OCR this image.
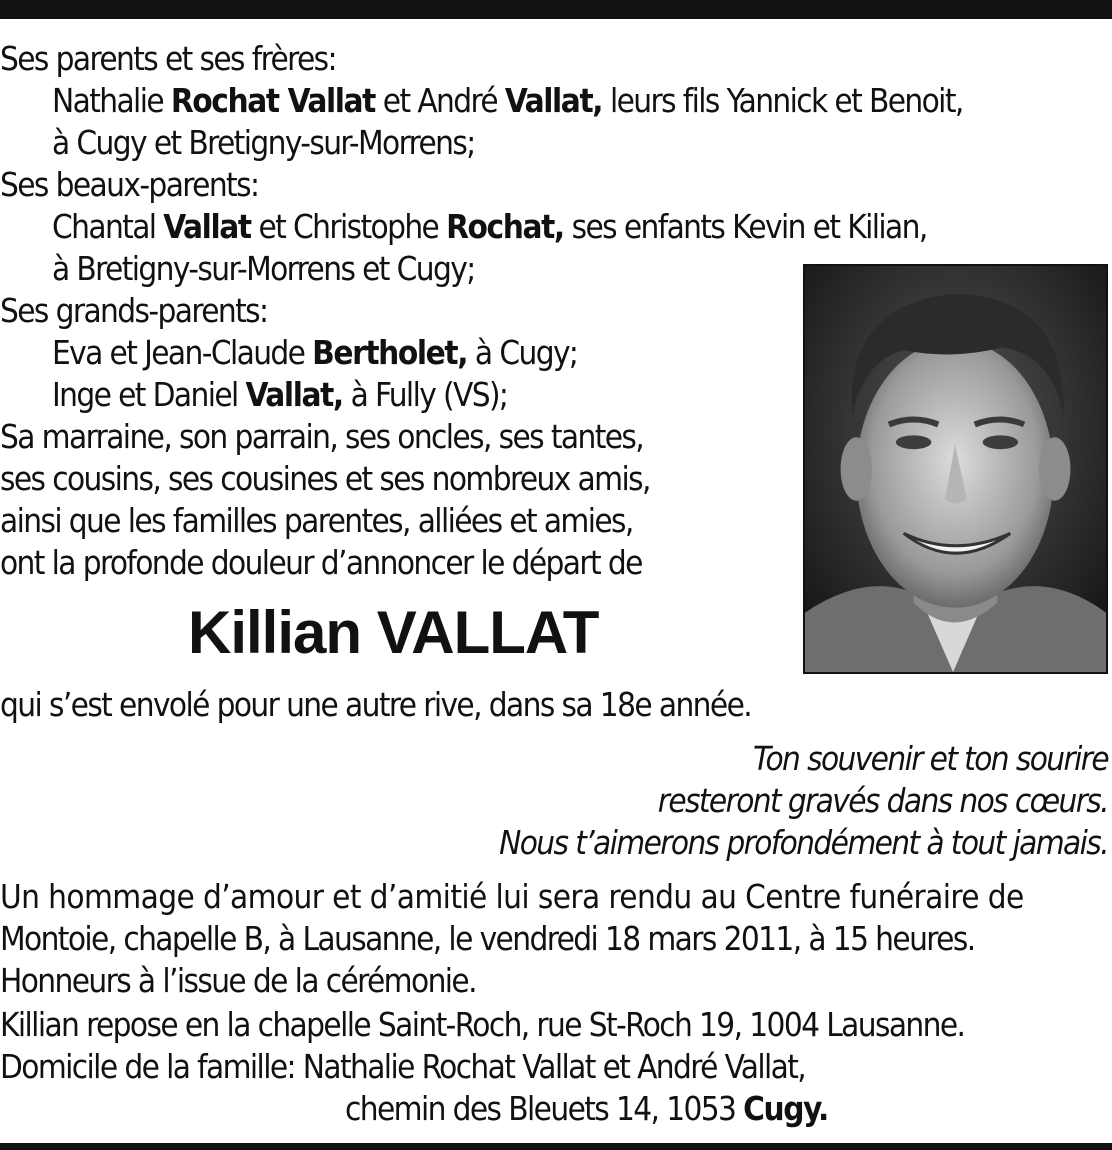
Ses parents et ses frères:
Nathalie Rochat Vallat et André Vallat, leurs fils Yannick et Benoit,
à Cugy et Bretigny-sur-Morrens;
Ses beaux-parents:
Chantal Vallat et Christophe Rochat, ses enfants Kevin et Kilian,
à Bretigny-sur-Morrens et Cugy;
Ses grands-parents:
Eva et Jean-Claude Bertholet, à Cugy;
Inge et Daniel Vallat, à Fully (VS);
Sa marraine, son parrain, ses oncles, ses tantes,
ses cousins, ses cousines et ses nombreux amis,
ainsi que les familles parentes, alliées et amies,
ont la profonde douleur d’annoncer le départ de
Killian VALLAT
qui s’est envolé pour une autre rive, dans sa 18e année.
Ton souvenir et ton sourire
resteront gravés dans nos cœurs.
Nous t’aimerons profondément à tout jamais.
Un hommage d’amour et d’amitié lui sera rendu au Centre funéraire de
Montoie, chapelle B, à Lausanne, le vendredi 18 mars 2011, à 15 heures.
Honneurs à l’issue de la cérémonie.
Killian repose en la chapelle Saint-Roch, rue St-Roch 19, 1004 Lausanne.
Domicile de la famille: Nathalie Rochat Vallat et André Vallat,
chemin des Bleuets 14, 1053 Cugy.
